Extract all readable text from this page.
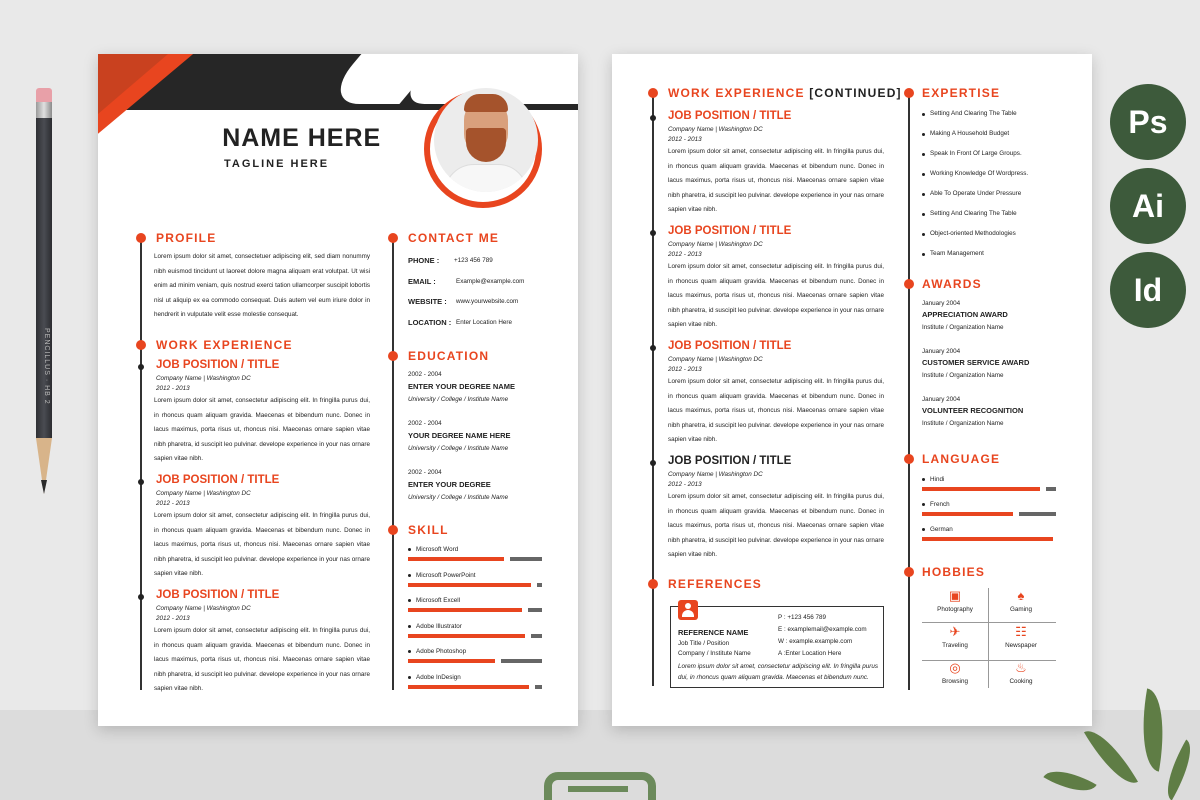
PENCILLUS · HB 2
YOUR NAME HERE
TAGLINE HERE
PROFILE
Lorem ipsum dolor sit amet, consectetuer adipiscing elit, sed diam nonummy nibh euismod tincidunt ut laoreet dolore magna aliquam erat volutpat. Ut wisi enim ad minim veniam, quis nostrud exerci tation ullamcorper suscipit lobortis nisl ut aliquip ex ea commodo consequat. Duis autem vel eum iriure dolor in hendrerit in vulputate velit esse molestie consequat.
WORK EXPERIENCE
JOB POSITION / TITLE
Company Name | Washington DC
2012 - 2013
Lorem ipsum dolor sit amet, consectetur adipiscing elit. In fringilla purus dui, in rhoncus quam aliquam gravida. Maecenas et bibendum nunc. Donec in lacus maximus, porta risus ut, rhoncus nisi. Maecenas ornare sapien vitae nibh pharetra, id suscipit leo pulvinar. develope experience in your nas ornare sapien vitae nibh.
JOB POSITION / TITLE
Company Name | Washington DC
2012 - 2013
Lorem ipsum dolor sit amet, consectetur adipiscing elit. In fringilla purus dui, in rhoncus quam aliquam gravida. Maecenas et bibendum nunc. Donec in lacus maximus, porta risus ut, rhoncus nisi. Maecenas ornare sapien vitae nibh pharetra, id suscipit leo pulvinar. develope experience in your nas ornare sapien vitae nibh.
JOB POSITION / TITLE
Company Name | Washington DC
2012 - 2013
Lorem ipsum dolor sit amet, consectetur adipiscing elit. In fringilla purus dui, in rhoncus quam aliquam gravida. Maecenas et bibendum nunc. Donec in lacus maximus, porta risus ut, rhoncus nisi. Maecenas ornare sapien vitae nibh pharetra, id suscipit leo pulvinar. develope experience in your nas ornare sapien vitae nibh.
CONTACT ME
PHONE : +123 456 789
EMAIL :	Example@example.com
WEBSITE : www.yourwebsite.com
LOCATION : Enter Location Here
EDUCATION
2002 - 2004
ENTER YOUR DEGREE NAME
University / College / Institute Name
2002 - 2004
YOUR DEGREE NAME HERE
University / College / Institute Name
2002 - 2004
ENTER YOUR DEGREE
University / College / Institute Name
SKILL
Microsoft Word
Microsoft PowerPoint
Microsoft Excell
Adobe Illustrator
Adobe Photoshop
Adobe InDesign
WORK EXPERIENCE [CONTINUED]
JOB POSITION / TITLE
Company Name | Washington DC
2012 - 2013
Lorem ipsum dolor sit amet, consectetur adipiscing elit. In fringilla purus dui, in rhoncus quam aliquam gravida. Maecenas et bibendum nunc. Donec in lacus maximus, porta risus ut, rhoncus nisi. Maecenas ornare sapien vitae nibh pharetra, id suscipit leo pulvinar. develope experience in your nas ornare sapien vitae nibh.
JOB POSITION / TITLE
Company Name | Washington DC
2012 - 2013
Lorem ipsum dolor sit amet, consectetur adipiscing elit. In fringilla purus dui, in rhoncus quam aliquam gravida. Maecenas et bibendum nunc. Donec in lacus maximus, porta risus ut, rhoncus nisi. Maecenas ornare sapien vitae nibh pharetra, id suscipit leo pulvinar. develope experience in your nas ornare sapien vitae nibh.
JOB POSITION / TITLE
Company Name | Washington DC
2012 - 2013
Lorem ipsum dolor sit amet, consectetur adipiscing elit. In fringilla purus dui, in rhoncus quam aliquam gravida. Maecenas et bibendum nunc. Donec in lacus maximus, porta risus ut, rhoncus nisi. Maecenas ornare sapien vitae nibh pharetra, id suscipit leo pulvinar. develope experience in your nas ornare sapien vitae nibh.
JOB POSITION / TITLE
Company Name | Washington DC
2012 - 2013
Lorem ipsum dolor sit amet, consectetur adipiscing elit. In fringilla purus dui, in rhoncus quam aliquam gravida. Maecenas et bibendum nunc. Donec in lacus maximus, porta risus ut, rhoncus nisi. Maecenas ornare sapien vitae nibh pharetra, id suscipit leo pulvinar. develope experience in your nas ornare sapien vitae nibh.
REFERENCES
REFERENCE NAME
Job Title / Position
Company / Institute Name
P : +123 456 789
E : examplemail@example.com
W : example.example.com
A :Enter Location Here
Lorem ipsum dolor sit amet, consectetur adipiscing elit. In fringilla purus dui, in rhoncus quam aliquam gravida. Maecenas et bibendum nunc.
EXPERTISE
Setting And Clearing The Table
Making A Household Budget
Speak In Front Of Large Groups.
Working Knowledge Of Wordpress.
Able To Operate Under Pressure
Setting And Clearing The Table
Object-oriented Methodologies
Team Management
AWARDS
January 2004
APPRECIATION AWARD
Institute / Organization Name
January 2004
CUSTOMER SERVICE AWARD
Institute / Organization Name
January 2004
VOLUNTEER RECOGNITION
Institute / Organization Name
LANGUAGE
Hindi
French
German
HOBBIES
▣
Photography
♠
Gaming
✈
Traveling
☷
Newspaper
◎
Browsing
♨
Cooking
Ps
Ai
Id
